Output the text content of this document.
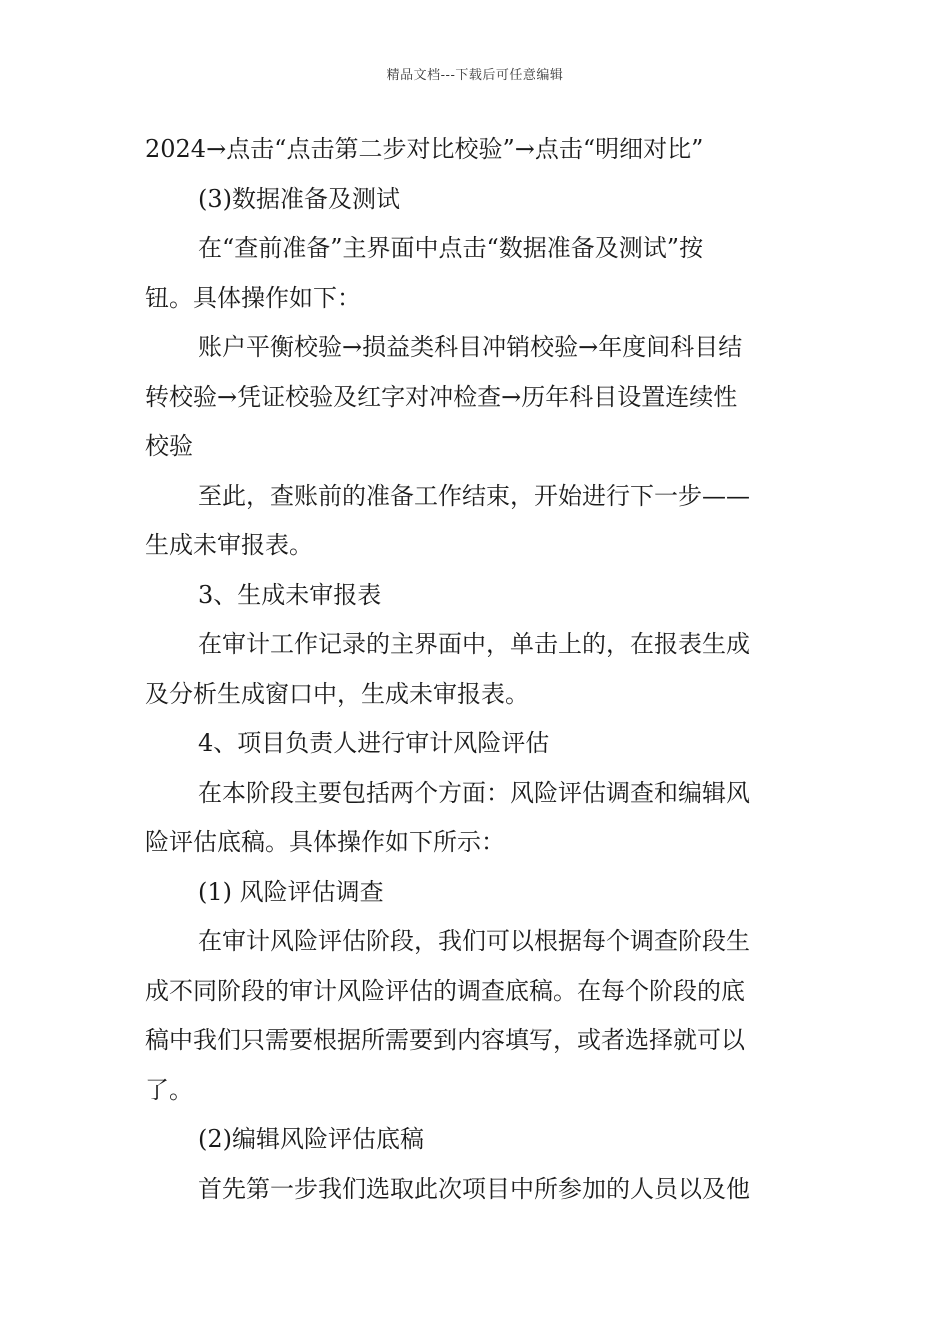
精品文档---下载后可任意编辑
2024→点击“点击第二步对比校验”→点击“明细对比”
(3)数据准备及测试
在“查前准备”主界面中点击“数据准备及测试”按
钮。具体操作如下：
账户平衡校验→损益类科目冲销校验→年度间科目结
转校验→凭证校验及红字对冲检查→历年科目设置连续性
校验
至此，查账前的准备工作结束，开始进行下一步——
生成未审报表。
3、生成未审报表
在审计工作记录的主界面中，单击上的，在报表生成
及分析生成窗口中，生成未审报表。
4、项目负责人进行审计风险评估
在本阶段主要包括两个方面：风险评估调查和编辑风
险评估底稿。具体操作如下所示：
(1) 风险评估调查
在审计风险评估阶段，我们可以根据每个调查阶段生
成不同阶段的审计风险评估的调查底稿。在每个阶段的底
稿中我们只需要根据所需要到内容填写，或者选择就可以
了。
(2)编辑风险评估底稿
首先第一步我们选取此次项目中所参加的人员以及他
